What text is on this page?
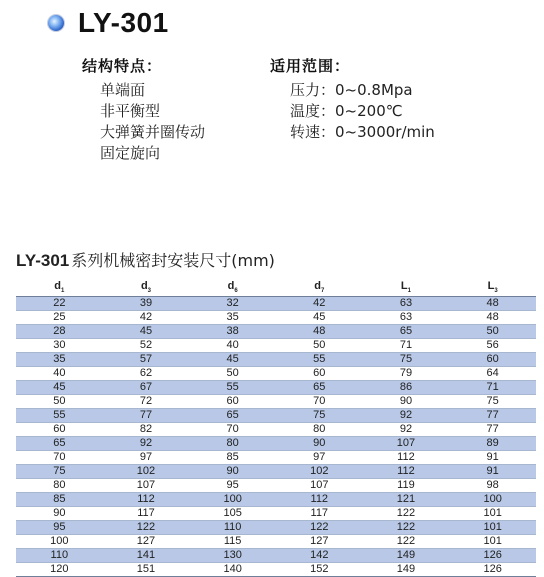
LY-301
结构特点：
单端面
非平衡型
大弹簧并圈传动
固定旋向
适用范围：
压力：0~0.8Mpa
温度：0~200℃
转速：0~3000r/min
LY-301 系列机械密封安装尺寸(mm)
$d_1$	$d_3$	$d_6$	$d_7$	$L_1$	$L_3$
22	39	32	42	63	48
25	42	35	45	63	48
28	45	38	48	65	50
30	52	40	50	71	56
35	57	45	55	75	60
40	62	50	60	79	64
45	67	55	65	86	71
50	72	60	70	90	75
55	77	65	75	92	77
60	82	70	80	92	77
65	92	80	90	107	89
70	97	85	97	112	91
75	102	90	102	112	91
80	107	95	107	119	98
85	112	100	112	121	100
90	117	105	117	122	101
95	122	110	122	122	101
100	127	115	127	122	101
110	141	130	142	149	126
120	151	140	152	149	126
